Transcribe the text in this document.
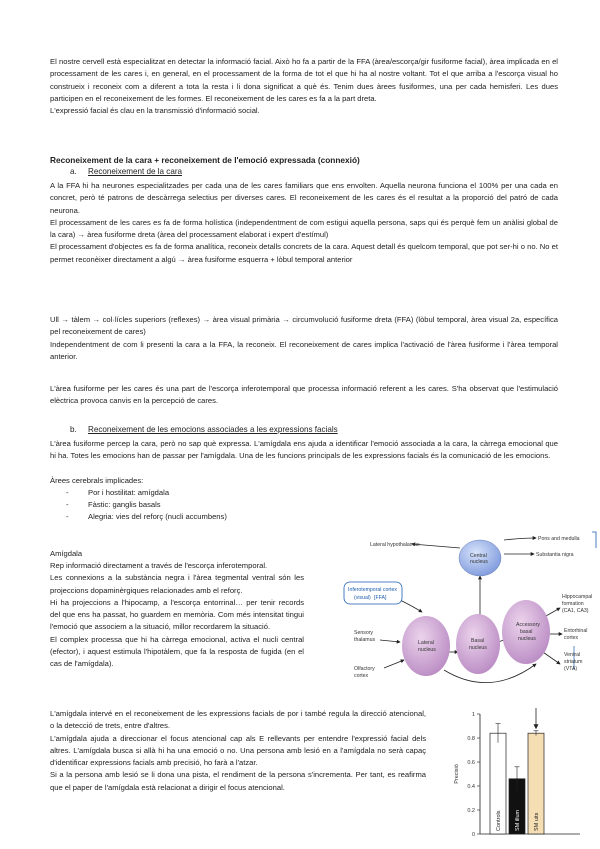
El nostre cervell està especialitzat en detectar la informació facial. Això ho fa a partir de la FFA (àrea/escorça/gir fusiforme facial), àrea implicada en el processament de les cares i, en general, en el processament de la forma de tot el que hi ha al nostre voltant. Tot el que arriba a l'escorça visual ho construeix i reconeix com a diferent a tota la resta i li dona significat a què és. Tenim dues àrees fusiformes, una per cada hemisferi. Les dues participen en el reconeixement de les formes. El reconeixement de les cares es fa a la part dreta.

L'expressió facial és clau en la transmissió d'informació social.

Reconeixement de la cara + reconeixement de l'emoció expressada (connexió)
a. Reconeixement de la cara

A la FFA hi ha neurones especialitzades per cada una de les cares familiars que ens envolten. Aquella neurona funciona el 100% per una cada en concret, però té patrons de descàrrega selectius per diverses cares. El reconeixement de les cares és el resultat a la proporció del patró de cada neurona.

El processament de les cares es fa de forma holística (independentment de com estigui aquella persona, saps qui és perquè fem un anàlisi global de la cara) → àrea fusiforme dreta (àrea del processament elaborat i expert d'estímul)

El processament d'objectes es fa de forma analítica, reconeix detalls concrets de la cara. Aquest detall és quelcom temporal, que pot ser-hi o no. No et permet reconèixer directament a algú → àrea fusiforme esquerra + lòbul temporal anterior

Ull → tàlem → col·lícles superiors (reflexes) → àrea visual primària → circumvolució fusiforme dreta (FFA) (lòbul temporal, àrea visual 2a, específica pel reconeixement de cares)

Independentment de com li presenti la cara a la FFA, la reconeix. El reconeixement de cares implica l'activació de l'àrea fusiforme i l'àrea temporal anterior.

L'àrea fusiforme per les cares és una part de l'escorça inferotemporal que processa informació referent a les cares. S'ha observat que l'estimulació elèctrica provoca canvis en la percepció de cares.
b. Reconeixement de les emocions associades a les expressions facials
L'àrea fusiforme percep la cara, però no sap què expressa. L'amígdala ens ajuda a identificar l'emoció associada a la cara, la càrrega emocional que hi ha. Totes les emocions han de passar per l'amígdala. Una de les funcions principals de les expressions facials és la comunicació de les emocions.
Àrees cerebrals implicades:
- Por i hostilitat: amígdala
- Fàstic: ganglis basals
- Alegria: vies del reforç (nucli accumbens)
Amígdala

Rep informació directament a través de l'escorça inferotemporal.

Les connexions a la substància negra i l'àrea tegmental ventral són les projeccions dopaminèrgiques relacionades amb el reforç.

Hi ha projeccions a l'hipocamp, a l'escorça entorrinal… per tenir records del que ens ha passat, ho guardem en memòria. Com més intensitat tingui l'emoció que associem a la situació, millor recordarem la situació.

El complex processa que hi ha càrrega emocional, activa el nucli central (efector), i aquest estimula l'hipotàlem, que fa la resposta de fugida (en el cas de l'amígdala).

L'amígdala intervé en el reconeixement de les expressions facials de por i també regula la direcció atencional, o la detecció de trets, entre d'altres.

L'amígdala ajuda a direccionar el focus atencional cap als E rellevants per entendre l'expressió facial dels altres. L'amígdala busca si allà hi ha una emoció o no. Una persona amb lesió en a l'amígdala no serà capaç d'identificar expressions facials amb precisió, ho farà a l'atzar.

Si a la persona amb lesió se li dona una pista, el rendiment de la persona s'incrementa. Per tant, es reafirma que el paper de l'amígdala està relacionat a dirigir el focus atencional.

Lateral hypothalamus
Central
nucleus
Pons and medulla
Substantia nigra
Inferotemporal cortex
(visual) [FFA]
Sensory
thalamus	Lateral
nucleus
Basal
nucleus
Accessory
basal
nucleus
Hippocampal
formation
(CA1, CA3)
Entorhinal
cortex
Olfactory
cortex
Ventral
striatum
(VTA)
0
0.2
0.4
0.6
0.8
1
Precisió
Controls SM illum SM uits
